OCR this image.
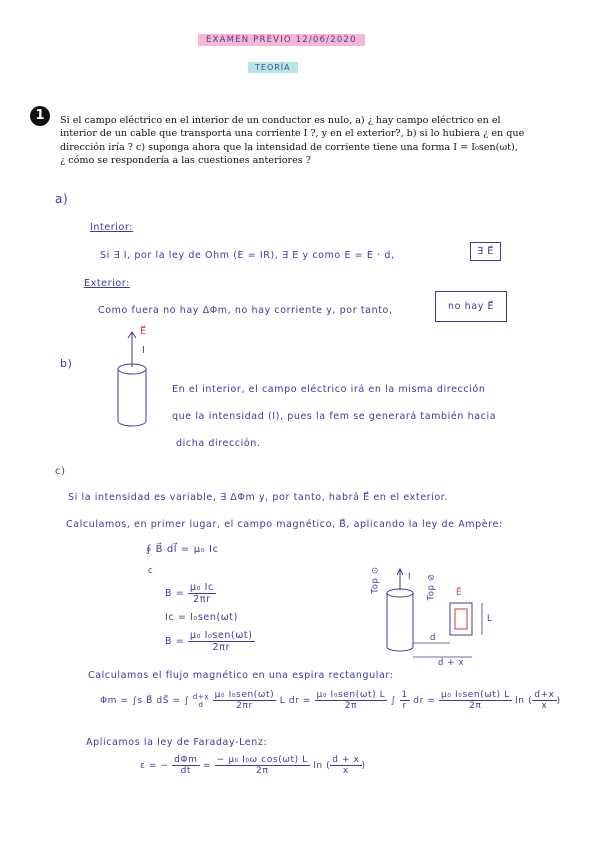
EXAMEN PREVIO 12/06/2020
TEORÍA
1	Si el campo eléctrico en el interior de un conductor es nulo, a) ¿ hay campo eléctrico en el interior de un cable que transporta una corriente I ?, y en el exterior?, b) si lo hubiera ¿ en que dirección iría ? c) suponga ahora que la intensidad de corriente tiene una forma I = I₀sen(ωt), ¿ cómo se respondería a las cuestiones anteriores ?
a)
Interior:
Si ∃ I, por la ley de Ohm (E = IR), ∃ E y como E = E · d,	∃ E⃗
Exterior:
Como fuera no hay ΔΦm, no hay corriente y, por tanto,	no hay E⃗
b)
E⃗
I
En el interior, el campo eléctrico irá en la misma dirección
que la intensidad (I), pues la fem se generará también hacia
dicha dirección.
c)
Si la intensidad es variable, ∃ ΔΦm y, por tanto, habrá E⃗ en el exterior.
Calculamos, en primer lugar, el campo magnético, B⃗, aplicando la ley de Ampère:
∮ B⃗ dl⃗ = μ₀ Ic
c
$B = \frac{\text{μ₀ Ic}}{2\pi r}$
Ic = I₀sen(ωt)
$B = \frac{\text{μ₀ I₀sen(ωt)}}{2\pi r}$
Top ⊙	Top ⊘
I
E⃗
L
d
d + x
Calculamos el flujo magnético en una espira rectangular:
Φm = ∫s B⃗ dS⃗ = ∫ d+x
d $\frac{\text{μ₀ I₀sen(ωt)}}{2\pi r}$ L dr = $\frac{\text{μ₀ I₀sen(ωt) L}}{2\pi}$ ∫ $\frac{1}{r}$ dr = $\frac{\text{μ₀ I₀sen(ωt) L}}{2\pi}$ ln ( $\frac{d+x}{x}$ )
Aplicamos la ley de Faraday-Lenz:
ε = − $\frac{\text{dΦm}}{dt} = \frac{\text{− μ₀ I₀ω cos(ωt) L}}{2\pi}$ ln ( $\frac{d + x}{x}$ )
